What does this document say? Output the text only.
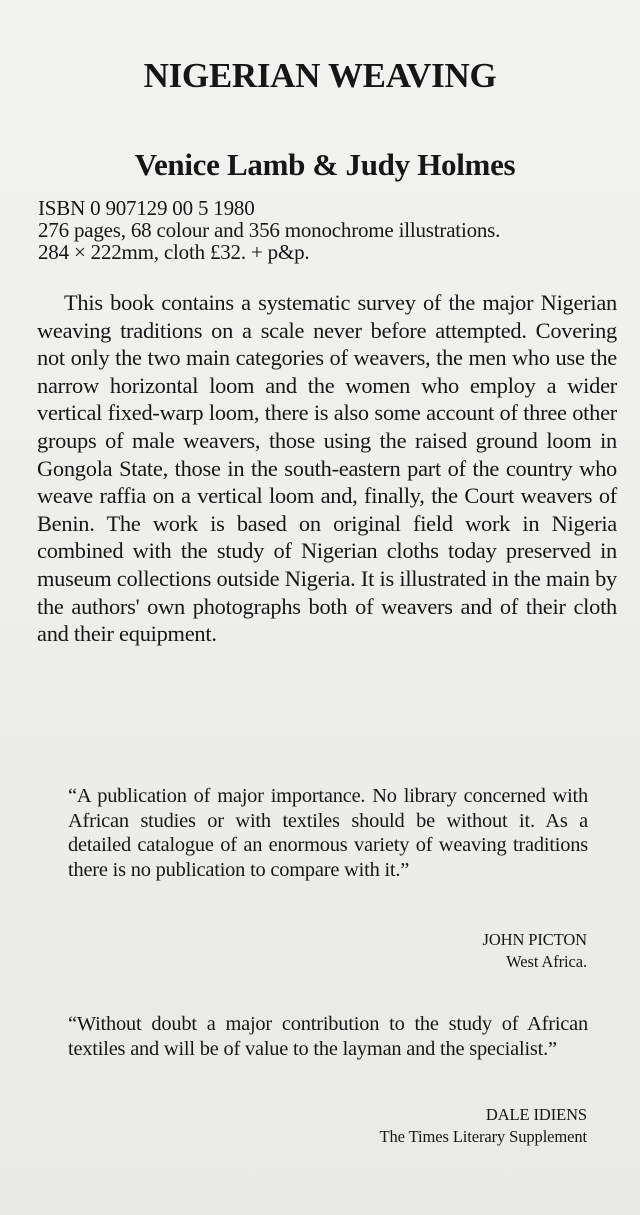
NIGERIAN WEAVING
Venice Lamb & Judy Holmes
ISBN 0 907129 00 5 1980
276 pages, 68 colour and 356 monochrome illustrations.
284 × 222mm, cloth £32. + p&p.

This book contains a systematic survey of the major Nigerian weaving traditions on a scale never before attempted. Covering not only the two main categories of weavers, the men who use the narrow horizontal loom and the women who employ a wider vertical fixed-warp loom, there is also some account of three other groups of male weavers, those using the raised ground loom in Gongola State, those in the south-eastern part of the country who weave raffia on a vertical loom and, finally, the Court weavers of Benin. The work is based on original field work in Nigeria combined with the study of Nigerian cloths today preserved in museum collections outside Nigeria. It is illustrated in the main by the authors' own photographs both of weavers and of their cloth and their equipment.

“A publication of major importance. No library concerned with African studies or with textiles should be without it. As a detailed catalogue of an enormous variety of weaving traditions there is no publication to compare with it.”

JOHN PICTON
West Africa.

“Without doubt a major contribution to the study of African textiles and will be of value to the layman and the specialist.”

DALE IDIENS
The Times Literary Supplement
